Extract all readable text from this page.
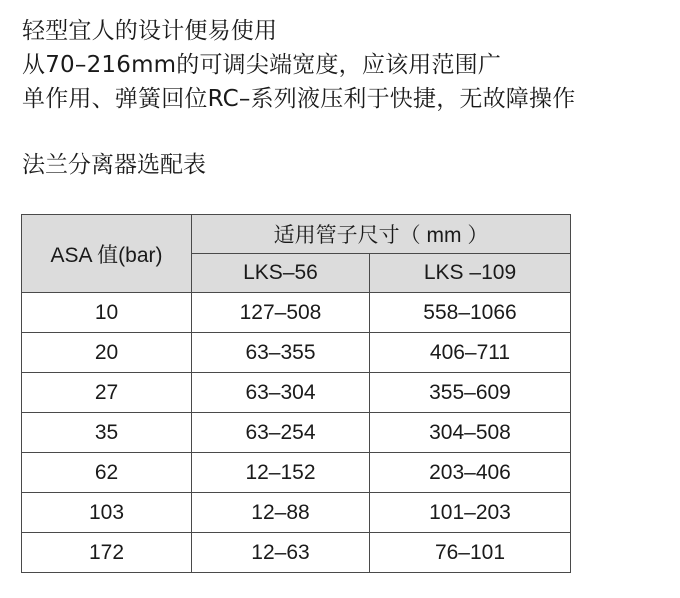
轻型宜人的设计便易使用
从70–216mm的可调尖端宽度，应该用范围广
单作用、弹簧回位RC–系列液压利于快捷，无故障操作
法兰分离器选配表
ASA 值(bar)	适用管子尺寸（ mm ）	
	LKS–56	LKS –109
10	127–508	558–1066
20	63–355	406–711
27	63–304	355–609
35	63–254	304–508
62	12–152	203–406
103	12–88	101–203
172	12–63	76–101
